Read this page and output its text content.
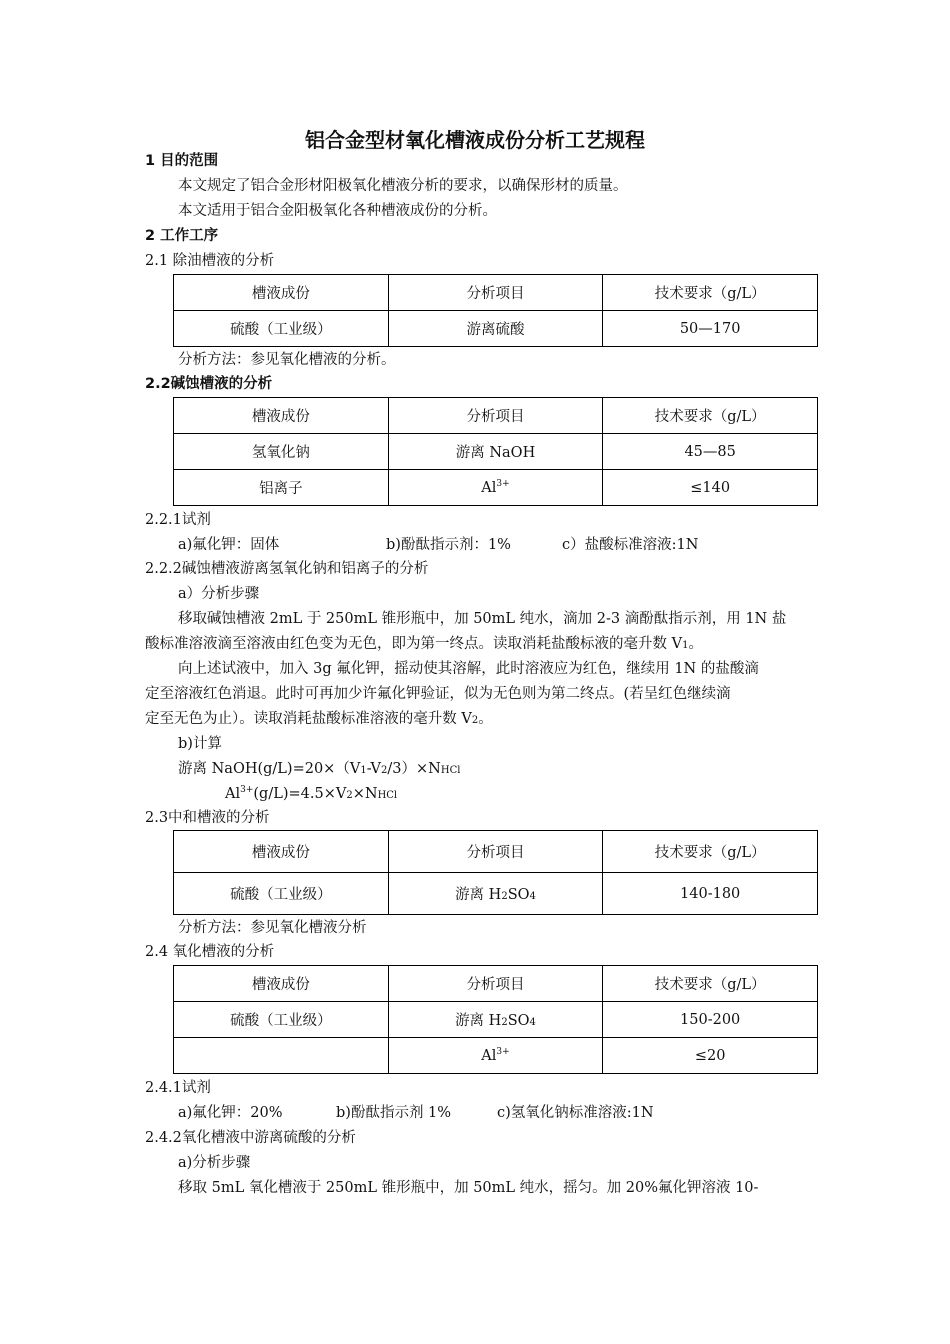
铝合金型材氧化槽液成份分析工艺规程
1 目的范围
本文规定了铝合金形材阳极氧化槽液分析的要求，以确保形材的质量。
本文适用于铝合金阳极氧化各种槽液成份的分析。
2 工作工序
2.1 除油槽液的分析
槽液成份	分析项目	技术要求（g/L）
硫酸（工业级）	游离硫酸	50—170
分析方法：参见氧化槽液的分析。
2.2碱蚀槽液的分析
槽液成份	分析项目	技术要求（g/L）
氢氧化钠	游离 NaOH	45—85
铝离子	$Al^{3+}$	≤140
2.2.1试剂
a)氟化钾：固体	b)酚酞指示剂：1%	c）盐酸标准溶液:1N
2.2.2碱蚀槽液游离氢氧化钠和铝离子的分析
a）分析步骤
移取碱蚀槽液 2mL 于 250mL 锥形瓶中，加 50mL 纯水，滴加 2-3 滴酚酞指示剂，用 1N 盐
酸标准溶液滴至溶液由红色变为无色，即为第一终点。读取消耗盐酸标液的毫升数 V1。
向上述试液中，加入 3g 氟化钾，摇动使其溶解，此时溶液应为红色，继续用 1N 的盐酸滴
定至溶液红色消退。此时可再加少许氟化钾验证，似为无色则为第二终点。(若呈红色继续滴
定至无色为止）。读取消耗盐酸标准溶液的毫升数 V2。
b)计算
游离 NaOH(g/L)=20×（V1-V2/3）×NHCl
$Al^{3+}(g/L)=4.5\times V2\times NHCl$
2.3中和槽液的分析
槽液成份	分析项目	技术要求（g/L）
硫酸（工业级）	游离 H2SO4	140-180
分析方法：参见氧化槽液分析
2.4 氧化槽液的分析
槽液成份	分析项目	技术要求（g/L）
硫酸（工业级）	游离 H2SO4	150-200
	$Al^{3+}$	≤20
2.4.1试剂
a)氟化钾：20%	b)酚酞指示剂 1%	c)氢氧化钠标准溶液:1N
2.4.2氧化槽液中游离硫酸的分析
a)分析步骤
移取 5mL 氧化槽液于 250mL 锥形瓶中，加 50mL 纯水，摇匀。加 20%氟化钾溶液 10-
